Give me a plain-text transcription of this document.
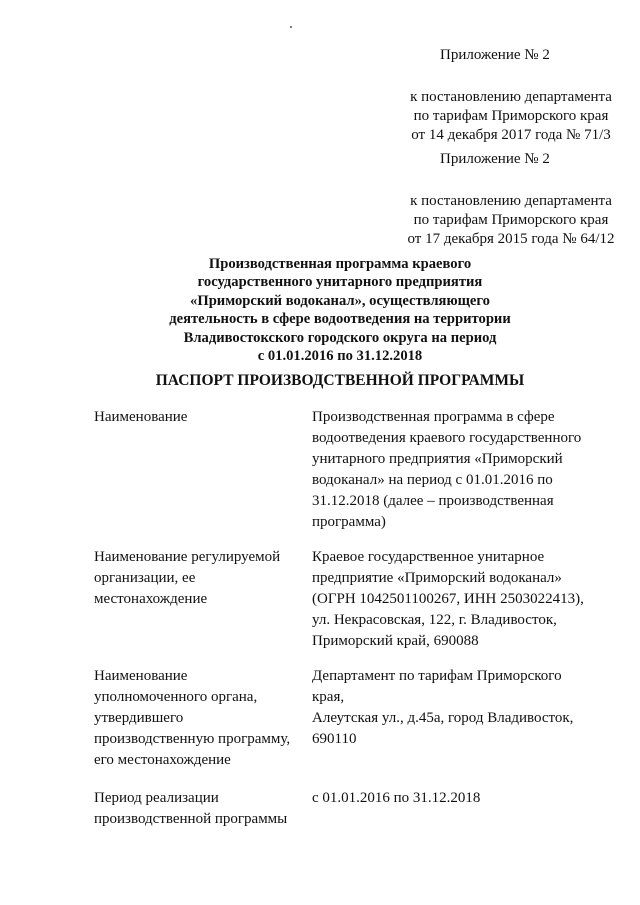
Приложение № 2
к постановлению департамента
по тарифам Приморского края
от 14 декабря 2017 года № 71/3
Приложение № 2
к постановлению департамента
по тарифам Приморского края
от 17 декабря 2015 года № 64/12
Производственная программа краевого
государственного унитарного предприятия
«Приморский водоканал», осуществляющего
деятельность в сфере водоотведения на территории
Владивостокского городского округа на период
с 01.01.2016 по 31.12.2018
ПАСПОРТ ПРОИЗВОДСТВЕННОЙ ПРОГРАММЫ
Наименование	Производственная программа в сфере
водоотведения краевого государственного
унитарного предприятия «Приморский
водоканал» на период с 01.01.2016 по
31.12.2018 (далее – производственная
программа)
Наименование регулируемой
организации, ее
местонахождение
Краевое государственное унитарное
предприятие «Приморский водоканал»
(ОГРН 1042501100267, ИНН 2503022413),
ул. Некрасовская, 122, г. Владивосток,
Приморский край, 690088
Наименование
уполномоченного органа,
утвердившего
производственную программу,
его местонахождение
Департамент по тарифам Приморского
края,
Алеутская ул., д.45а, город Владивосток,
690110
Период реализации
производственной программы
с 01.01.2016 по 31.12.2018
